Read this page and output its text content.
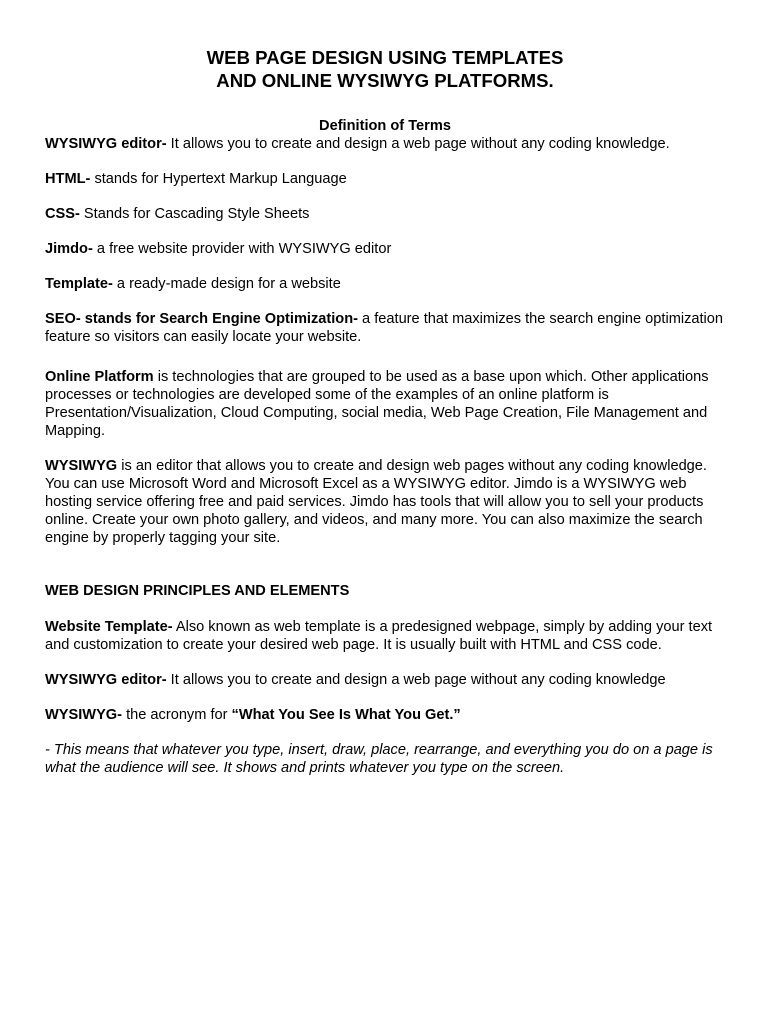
WEB PAGE DESIGN USING TEMPLATES
AND ONLINE WYSIWYG PLATFORMS.

Definition of Terms

WYSIWYG editor- It allows you to create and design a web page without any coding knowledge.

HTML- stands for Hypertext Markup Language

CSS- Stands for Cascading Style Sheets

Jimdo- a free website provider with WYSIWYG editor

Template- a ready-made design for a website

SEO- stands for Search Engine Optimization- a feature that maximizes the search engine optimization feature so visitors can easily locate your website.

Online Platform is technologies that are grouped to be used as a base upon which. Other applications processes or technologies are developed some of the examples of an online platform is Presentation/Visualization, Cloud Computing, social media, Web Page Creation, File Management and Mapping.

WYSIWYG is an editor that allows you to create and design web pages without any coding knowledge. You can use Microsoft Word and Microsoft Excel as a WYSIWYG editor. Jimdo is a WYSIWYG web hosting service offering free and paid services. Jimdo has tools that will allow you to sell your products online. Create your own photo gallery, and videos, and many more. You can also maximize the search engine by properly tagging your site.

WEB DESIGN PRINCIPLES AND ELEMENTS

Website Template- Also known as web template is a predesigned webpage, simply by adding your text and customization to create your desired web page. It is usually built with HTML and CSS code.

WYSIWYG editor- It allows you to create and design a web page without any coding knowledge

WYSIWYG- the acronym for “What You See Is What You Get.”

- This means that whatever you type, insert, draw, place, rearrange, and everything you do on a page is what the audience will see. It shows and prints whatever you type on the screen.
